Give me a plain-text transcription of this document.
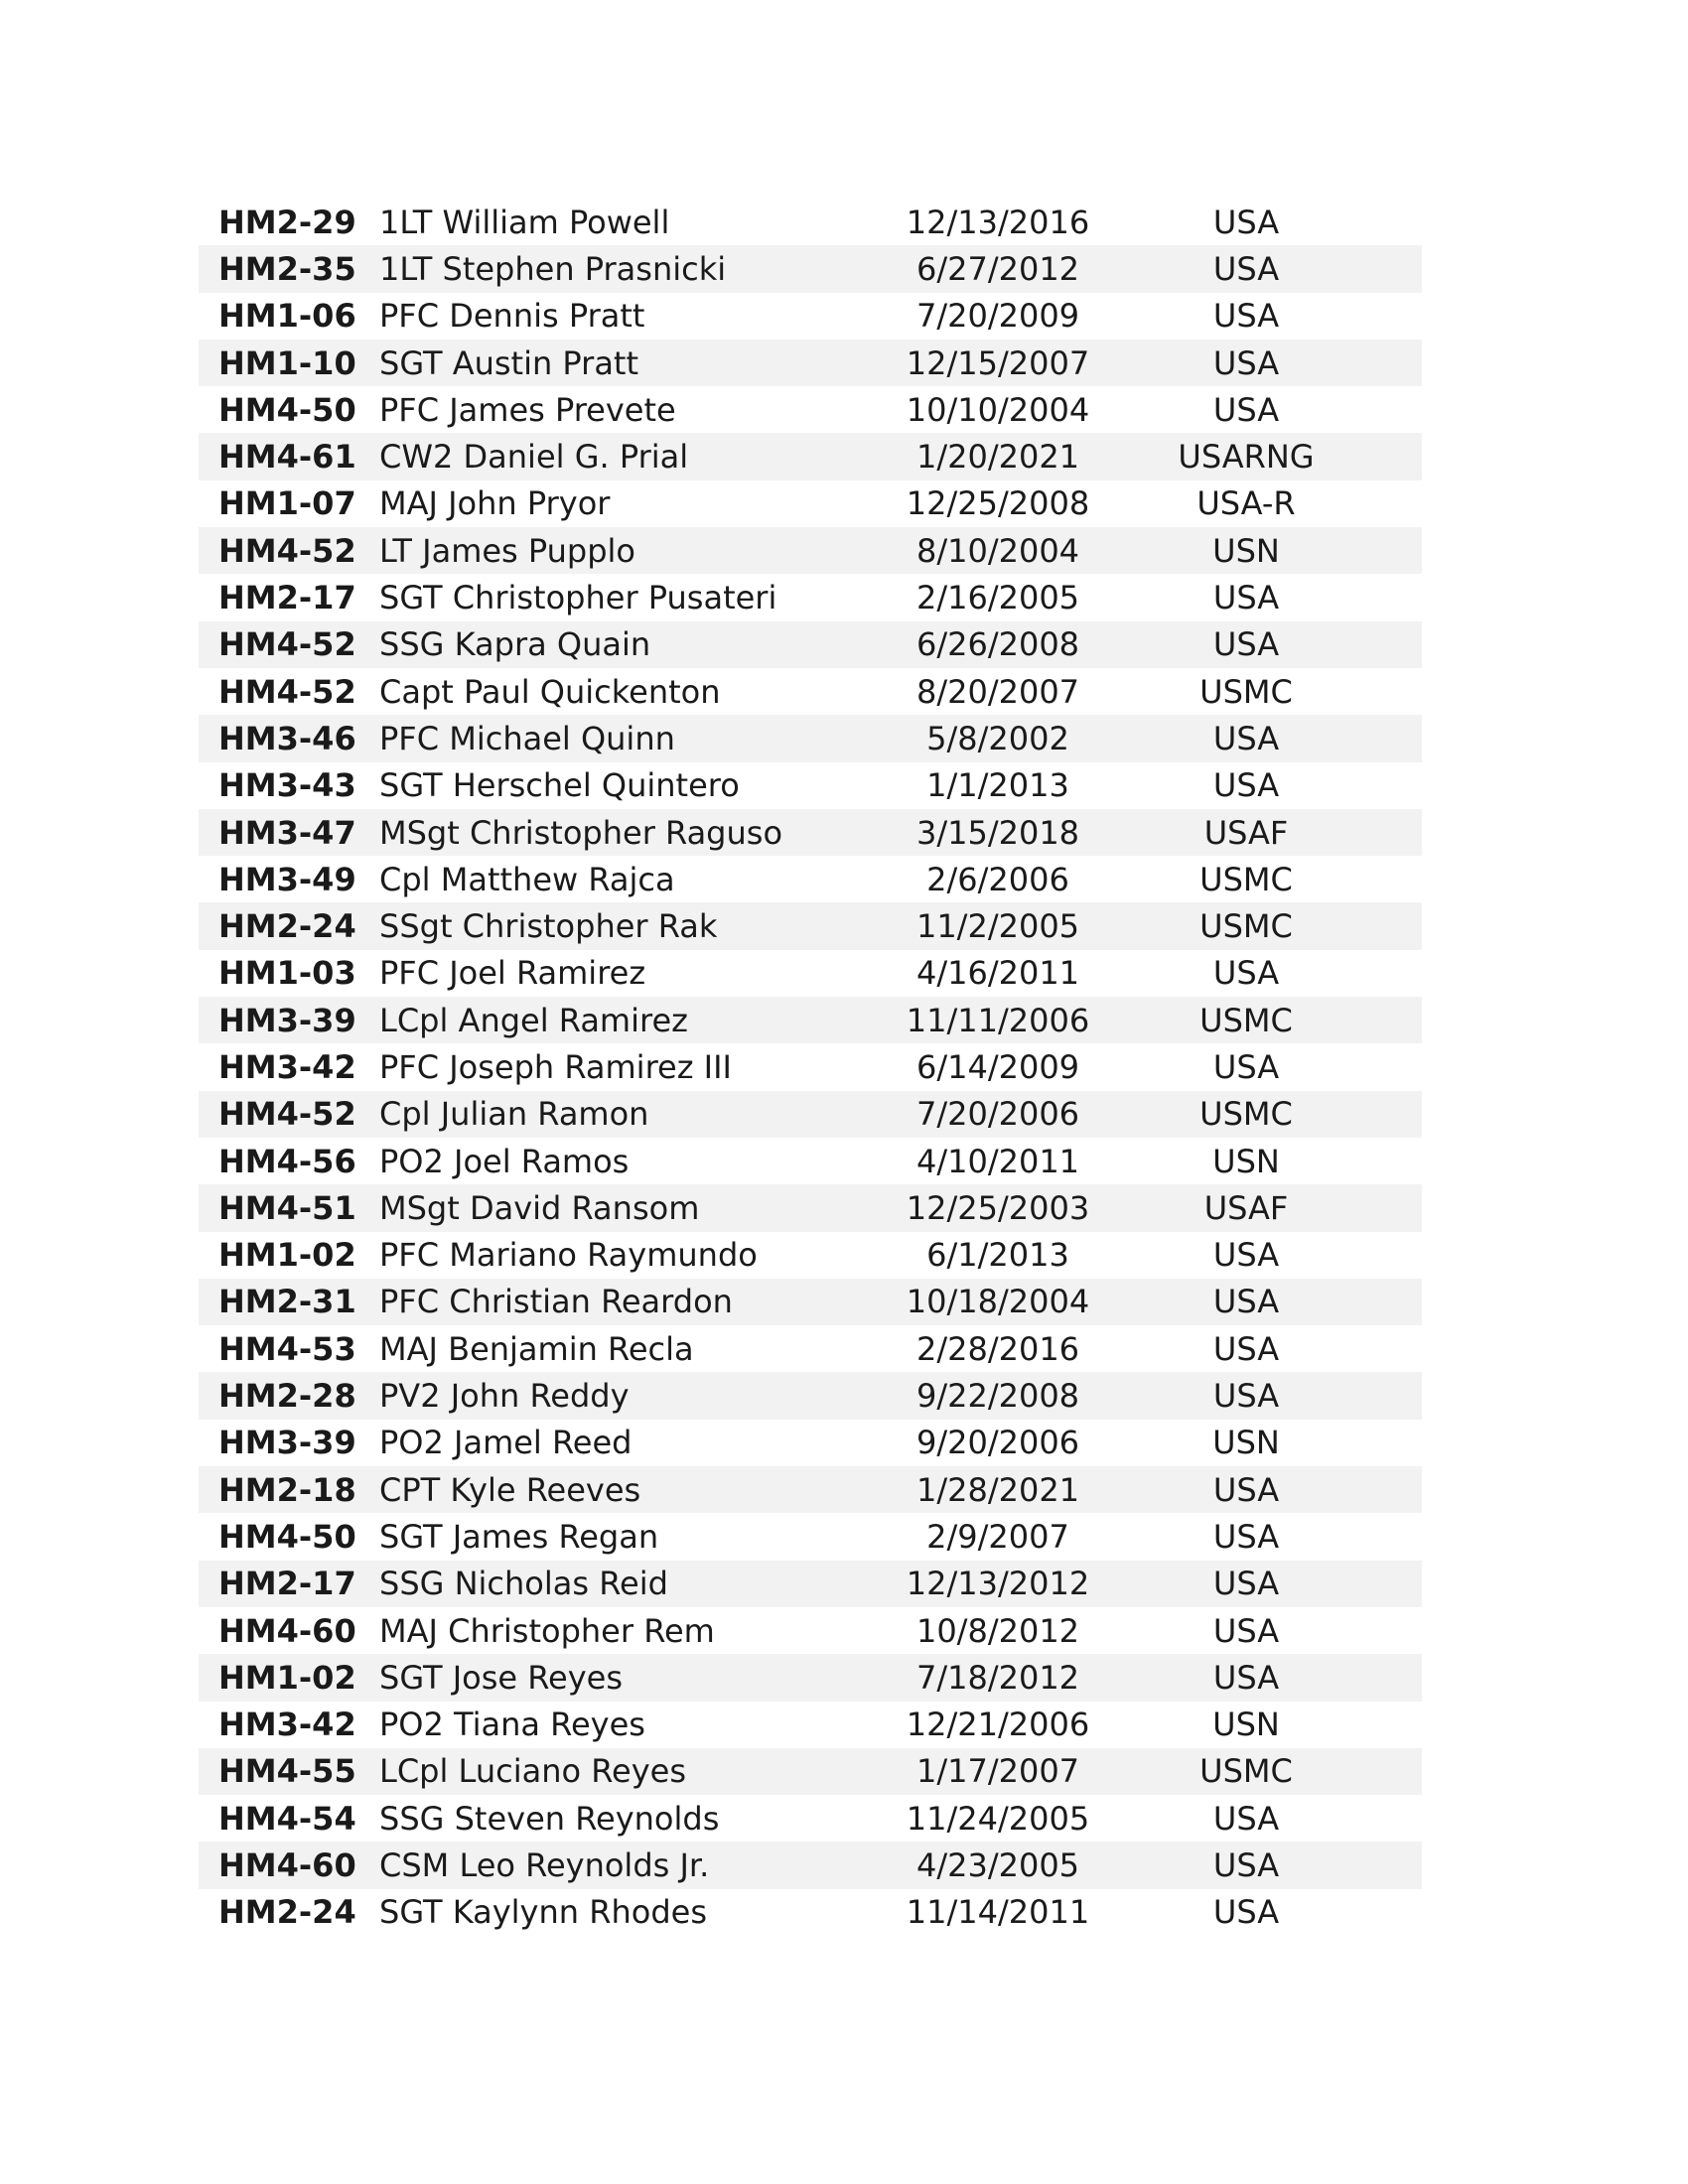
HM2-29 1LT William Powell	12/13/2016	USA
HM2-35 1LT Stephen Prasnicki	6/27/2012	USA
HM1-06 PFC Dennis Pratt	7/20/2009	USA
HM1-10 SGT Austin Pratt	12/15/2007	USA
HM4-50 PFC James Prevete	10/10/2004	USA
HM4-61 CW2 Daniel G. Prial	1/20/2021	USARNG
HM1-07 MAJ John Pryor	12/25/2008	USA-R
HM4-52 LT James Pupplo	8/10/2004	USN
HM2-17 SGT Christopher Pusateri	2/16/2005	USA
HM4-52 SSG Kapra Quain	6/26/2008	USA
HM4-52 Capt Paul Quickenton	8/20/2007	USMC
HM3-46 PFC Michael Quinn	5/8/2002	USA
HM3-43 SGT Herschel Quintero	1/1/2013	USA
HM3-47 MSgt Christopher Raguso	3/15/2018	USAF
HM3-49 Cpl Matthew Rajca	2/6/2006	USMC
HM2-24 SSgt Christopher Rak	11/2/2005	USMC
HM1-03 PFC Joel Ramirez	4/16/2011	USA
HM3-39 LCpl Angel Ramirez	11/11/2006	USMC
HM3-42 PFC Joseph Ramirez III	6/14/2009	USA
HM4-52 Cpl Julian Ramon	7/20/2006	USMC
HM4-56 PO2 Joel Ramos	4/10/2011	USN
HM4-51 MSgt David Ransom	12/25/2003	USAF
HM1-02 PFC Mariano Raymundo	6/1/2013	USA
HM2-31 PFC Christian Reardon	10/18/2004	USA
HM4-53 MAJ Benjamin Recla	2/28/2016	USA
HM2-28 PV2 John Reddy	9/22/2008	USA
HM3-39 PO2 Jamel Reed	9/20/2006	USN
HM2-18 CPT Kyle Reeves	1/28/2021	USA
HM4-50 SGT James Regan	2/9/2007	USA
HM2-17 SSG Nicholas Reid	12/13/2012	USA
HM4-60 MAJ Christopher Rem	10/8/2012	USA
HM1-02 SGT Jose Reyes	7/18/2012	USA
HM3-42 PO2 Tiana Reyes	12/21/2006	USN
HM4-55 LCpl Luciano Reyes	1/17/2007	USMC
HM4-54 SSG Steven Reynolds	11/24/2005	USA
HM4-60 CSM Leo Reynolds Jr.	4/23/2005	USA
HM2-24 SGT Kaylynn Rhodes	11/14/2011	USA
